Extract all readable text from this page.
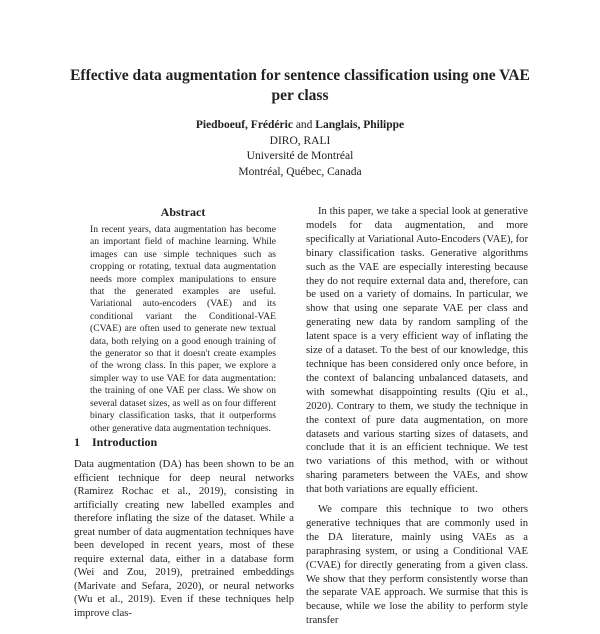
Effective data augmentation for sentence classification using one VAE per class
Piedboeuf, Frédéric and Langlais, Philippe
DIRO, RALI
Université de Montréal
Montréal, Québec, Canada
Abstract
In recent years, data augmentation has become an important field of machine learning. While images can use simple techniques such as cropping or rotating, textual data augmentation needs more complex manipulations to ensure that the generated examples are useful. Variational auto-encoders (VAE) and its conditional variant the Conditional-VAE (CVAE) are often used to generate new textual data, both relying on a good enough training of the generator so that it doesn't create examples of the wrong class. In this paper, we explore a simpler way to use VAE for data augmentation: the training of one VAE per class. We show on several dataset sizes, as well as on four different binary classification tasks, that it outperforms other generative data augmentation techniques.
1 Introduction
Data augmentation (DA) has been shown to be an efficient technique for deep neural networks (Ramirez Rochac et al., 2019), consisting in artificially creating new labelled examples and therefore inflating the size of the dataset. While a great number of data augmentation techniques have been developed in recent years, most of these require external data, either in a database form (Wei and Zou, 2019), pretrained embeddings (Marivate and Sefara, 2020), or neural networks (Wu et al., 2019). Even if these techniques help improve clas-

In this paper, we take a special look at generative models for data augmentation, and more specifically at Variational Auto-Encoders (VAE), for binary classification tasks. Generative algorithms such as the VAE are especially interesting because they do not require external data and, therefore, can be used on a variety of domains. In particular, we show that using one separate VAE per class and generating new data by random sampling of the latent space is a very efficient way of inflating the size of a dataset. To the best of our knowledge, this technique has been considered only once before, in the context of balancing unbalanced datasets, and with somewhat disappointing results (Qiu et al., 2020). Contrary to them, we study the technique in the context of pure data augmentation, on more datasets and various starting sizes of datasets, and conclude that it is an efficient technique. We test two variations of this method, with or without sharing parameters between the VAEs, and show that both variations are equally efficient.

We compare this technique to two others generative techniques that are commonly used in the DA literature, mainly using VAEs as a paraphrasing system, or using a Conditional VAE (CVAE) for directly generating from a given class. We show that they perform consistently worse than the separate VAE approach. We surmise that this is because, while we lose the ability to perform style transfer
